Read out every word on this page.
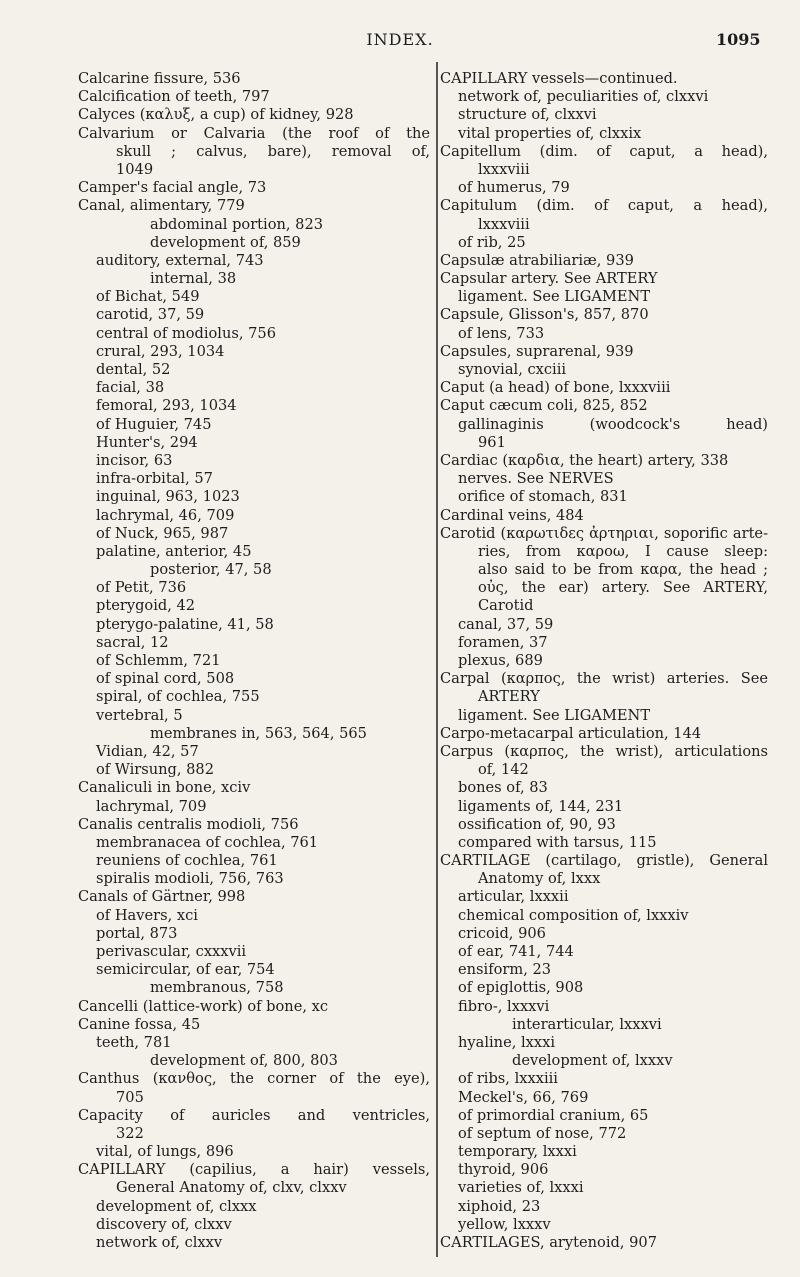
INDEX.	1095
Calcarine fissure, 536
Calcification of teeth, 797
Calyces (καλυξ, a cup) of kidney, 928
Calvarium or Calvaria (the roof of the
skull ; calvus, bare), removal of,
1049
Camper's facial angle, 73
Canal, alimentary, 779
abdominal portion, 823
development of, 859
auditory, external, 743
internal, 38
of Bichat, 549
carotid, 37, 59
central of modiolus, 756
crural, 293, 1034
dental, 52
facial, 38
femoral, 293, 1034
of Huguier, 745
Hunter's, 294
incisor, 63
infra-orbital, 57
inguinal, 963, 1023
lachrymal, 46, 709
of Nuck, 965, 987
palatine, anterior, 45
posterior, 47, 58
of Petit, 736
pterygoid, 42
pterygo-palatine, 41, 58
sacral, 12
of Schlemm, 721
of spinal cord, 508
spiral, of cochlea, 755
vertebral, 5
membranes in, 563, 564, 565
Vidian, 42, 57
of Wirsung, 882
Canaliculi in bone, xciv
lachrymal, 709
Canalis centralis modioli, 756
membranacea of cochlea, 761
reuniens of cochlea, 761
spiralis modioli, 756, 763
Canals of Gärtner, 998
of Havers, xci
portal, 873
perivascular, cxxxvii
semicircular, of ear, 754
membranous, 758
Cancelli (lattice-work) of bone, xc
Canine fossa, 45
teeth, 781
development of, 800, 803
Canthus (κανθος, the corner of the eye),
705
Capacity of auricles and ventricles,
322
vital, of lungs, 896
CAPILLARY (capilius, a hair) vessels,
General Anatomy of, clxv, clxxv
development of, clxxx
discovery of, clxxv
network of, clxxv
CAPILLARY vessels—continued.
network of, peculiarities of, clxxvi
structure of, clxxvi
vital properties of, clxxix
Capitellum (dim. of caput, a head),
lxxxviii
of humerus, 79
Capitulum (dim. of caput, a head),
lxxxviii
of rib, 25
Capsulæ atrabiliariæ, 939
Capsular artery. See ARTERY
ligament. See LIGAMENT
Capsule, Glisson's, 857, 870
of lens, 733
Capsules, suprarenal, 939
synovial, cxciii
Caput (a head) of bone, lxxxviii
Caput cæcum coli, 825, 852
gallinaginis (woodcock's head)
961
Cardiac (καρδια, the heart) artery, 338
nerves. See NERVES
orifice of stomach, 831
Cardinal veins, 484
Carotid (καρωτιδες ἀρτηριαι, soporific arte-
ries, from καροω, I cause sleep:
also said to be from καρα, the head ;
οὖς, the ear) artery. See ARTERY,
Carotid
canal, 37, 59
foramen, 37
plexus, 689
Carpal (καρπος, the wrist) arteries. See
ARTERY
ligament. See LIGAMENT
Carpo-metacarpal articulation, 144
Carpus (καρπος, the wrist), articulations
of, 142
bones of, 83
ligaments of, 144, 231
ossification of, 90, 93
compared with tarsus, 115
CARTILAGE (cartilago, gristle), General
Anatomy of, lxxx
articular, lxxxii
chemical composition of, lxxxiv
cricoid, 906
of ear, 741, 744
ensiform, 23
of epiglottis, 908
fibro-, lxxxvi
interarticular, lxxxvi
hyaline, lxxxi
development of, lxxxv
of ribs, lxxxiii
Meckel's, 66, 769
of primordial cranium, 65
of septum of nose, 772
temporary, lxxxi
thyroid, 906
varieties of, lxxxi
xiphoid, 23
yellow, lxxxv
CARTILAGES, arytenoid, 907
